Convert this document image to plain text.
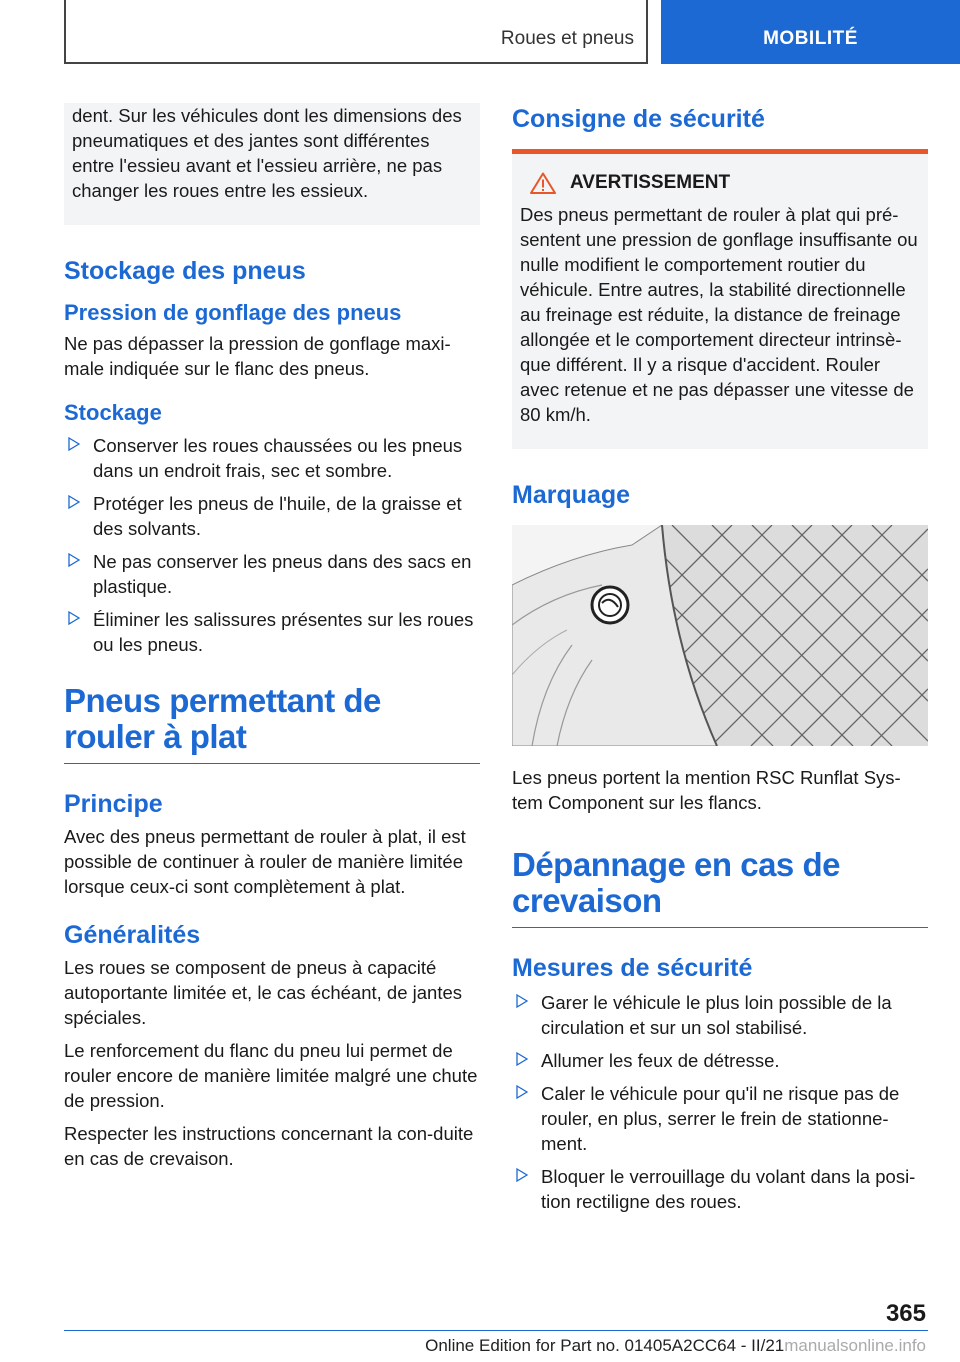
Roues et pneus	MOBILITÉ

dent. Sur les véhicules dont les dimensions des pneumatiques et des jantes sont différentes entre l'essieu avant et l'essieu arrière, ne pas changer les roues entre les essieux.

Stockage des pneus
Pression de gonflage des pneus

Ne pas dépasser la pression de gonflage maxi-male indiquée sur le flanc des pneus.

Stockage
Conserver les roues chaussées ou les pneus dans un endroit frais, sec et sombre.
Protéger les pneus de l'huile, de la graisse et des solvants.
Ne pas conserver les pneus dans des sacs en plastique.
Éliminer les salissures présentes sur les roues ou les pneus.
Pneus permettant de rouler à plat
Principe

Avec des pneus permettant de rouler à plat, il est possible de continuer à rouler de manière limitée lorsque ceux-ci sont complètement à plat.

Généralités

Les roues se composent de pneus à capacité autoportante limitée et, le cas échéant, de jantes spéciales.

Le renforcement du flanc du pneu lui permet de rouler encore de manière limitée malgré une chute de pression.

Respecter les instructions concernant la con-duite en cas de crevaison.

Consigne de sécurité
AVERTISSEMENT

Des pneus permettant de rouler à plat qui pré-sentent une pression de gonflage insuffisante ou nulle modifient le comportement routier du véhicule. Entre autres, la stabilité directionnelle au freinage est réduite, la distance de freinage allongée et le comportement directeur intrinsè-que différent. Il y a risque d'accident. Rouler avec retenue et ne pas dépasser une vitesse de 80 km/h.

Marquage

Les pneus portent la mention RSC Runflat Sys-tem Component sur les flancs.

Dépannage en cas de crevaison
Mesures de sécurité
Garer le véhicule le plus loin possible de la circulation et sur un sol stabilisé.
Allumer les feux de détresse.
Caler le véhicule pour qu'il ne risque pas de rouler, en plus, serrer le frein de stationne-ment.
Bloquer le verrouillage du volant dans la posi-tion rectiligne des roues.
365
Online Edition for Part no. 01405A2CC64 - II/21manualsonline.info
